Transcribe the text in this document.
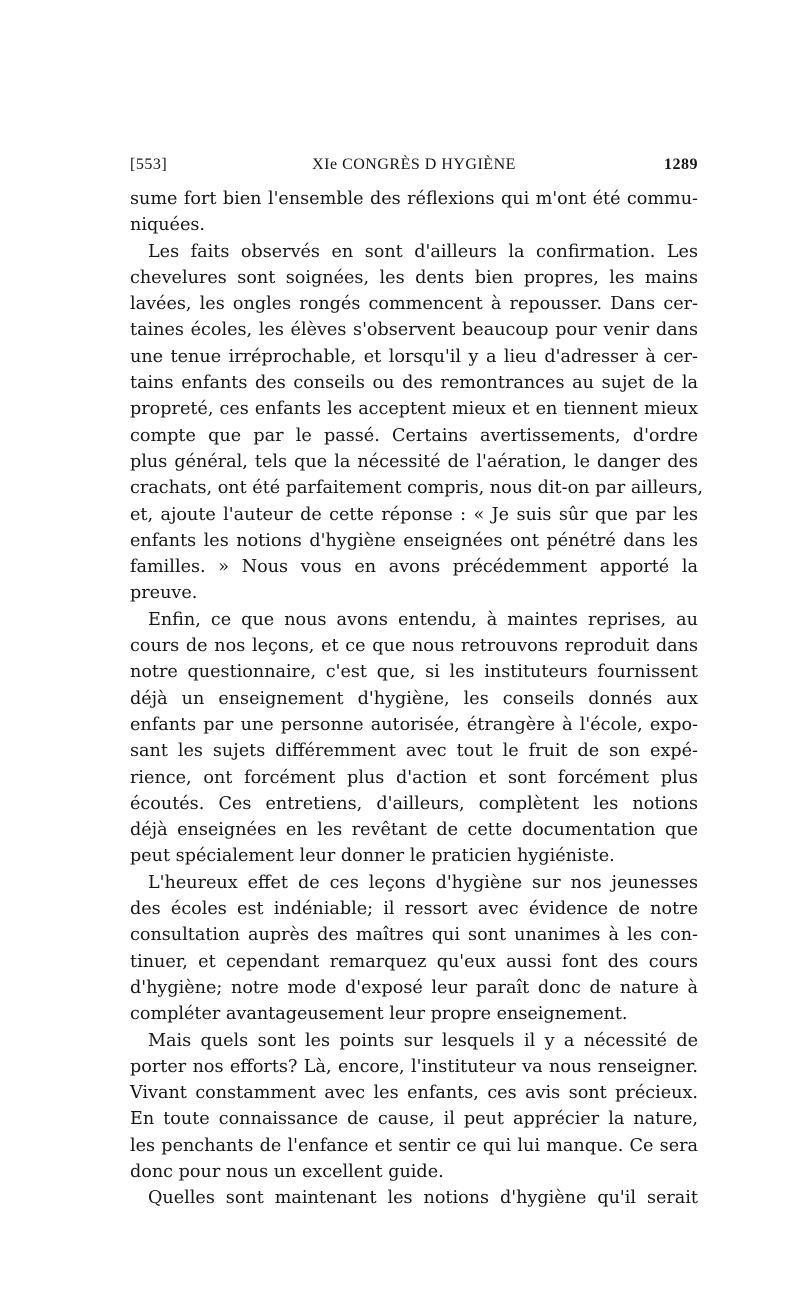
[553]	XIe CONGRÈS D HYGIÈNE	1289
sume fort bien l'ensemble des réflexions qui m'ont été commu-
niquées.
Les faits observés en sont d'ailleurs la confirmation. Les
chevelures sont soignées, les dents bien propres, les mains
lavées, les ongles rongés commencent à repousser. Dans cer-
taines écoles, les élèves s'observent beaucoup pour venir dans
une tenue irréprochable, et lorsqu'il y a lieu d'adresser à cer-
tains enfants des conseils ou des remontrances au sujet de la
propreté, ces enfants les acceptent mieux et en tiennent mieux
compte que par le passé. Certains avertissements, d'ordre
plus général, tels que la nécessité de l'aération, le danger des
crachats, ont été parfaitement compris, nous dit-on par ailleurs,
et, ajoute l'auteur de cette réponse : « Je suis sûr que par les
enfants les notions d'hygiène enseignées ont pénétré dans les
familles. » Nous vous en avons précédemment apporté la
preuve.
Enfin, ce que nous avons entendu, à maintes reprises, au
cours de nos leçons, et ce que nous retrouvons reproduit dans
notre questionnaire, c'est que, si les instituteurs fournissent
déjà un enseignement d'hygiène, les conseils donnés aux
enfants par une personne autorisée, étrangère à l'école, expo-
sant les sujets différemment avec tout le fruit de son expé-
rience, ont forcément plus d'action et sont forcément plus
écoutés. Ces entretiens, d'ailleurs, complètent les notions
déjà enseignées en les revêtant de cette documentation que
peut spécialement leur donner le praticien hygiéniste.
L'heureux effet de ces leçons d'hygiène sur nos jeunesses
des écoles est indéniable; il ressort avec évidence de notre
consultation auprès des maîtres qui sont unanimes à les con-
tinuer, et cependant remarquez qu'eux aussi font des cours
d'hygiène; notre mode d'exposé leur paraît donc de nature à
compléter avantageusement leur propre enseignement.
Mais quels sont les points sur lesquels il y a nécessité de
porter nos efforts? Là, encore, l'instituteur va nous renseigner.
Vivant constamment avec les enfants, ces avis sont précieux.
En toute connaissance de cause, il peut apprécier la nature,
les penchants de l'enfance et sentir ce qui lui manque. Ce sera
donc pour nous un excellent guide.
Quelles sont maintenant les notions d'hygiène qu'il serait
